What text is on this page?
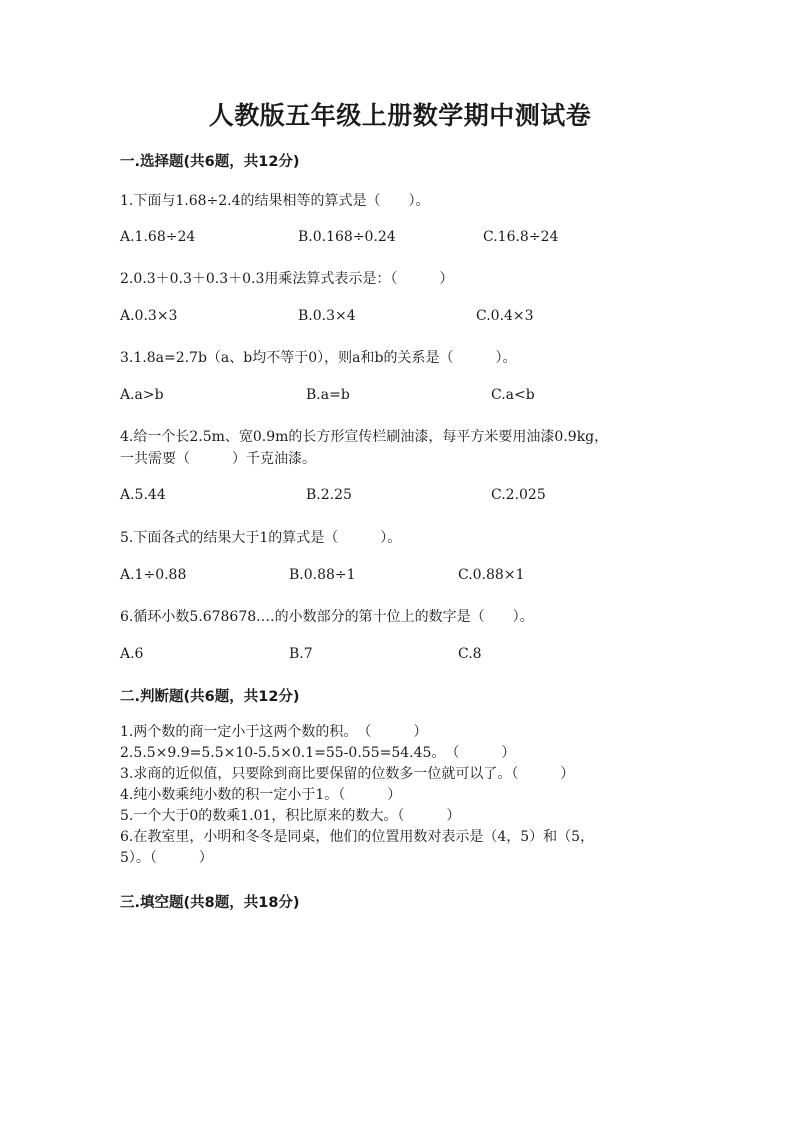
人教版五年级上册数学期中测试卷
一.选择题(共6题，共12分)
1.下面与1.68÷2.4的结果相等的算式是（　　）。
A.1.68÷24	B.0.168÷0.24	C.16.8÷24
2.0.3＋0.3＋0.3＋0.3用乘法算式表示是：（　　　）
A.0.3×3	B.0.3×4	C.0.4×3
3.1.8a=2.7b（a、b均不等于0），则a和b的关系是（　　　）。
A.a>b	B.a=b	C.a<b
4.给一个长2.5m、宽0.9m的长方形宣传栏刷油漆，每平方米要用油漆0.9kg，
一共需要（　　　）千克油漆。
A.5.44	B.2.25	C.2.025
5.下面各式的结果大于1的算式是（　　　）。
A.1÷0.88	B.0.88÷1	C.0.88×1
6.循环小数5.678678.…的小数部分的第十位上的数字是（　　）。
A.6	B.7	C.8
二.判断题(共6题，共12分)
1.两个数的商一定小于这两个数的积。　（　　　）
2.5.5×9.9=5.5×10-5.5×0.1=55-0.55=54.45。　（　　　）
3.求商的近似值，只要除到商比要保留的位数多一位就可以了。（　　　）
4.纯小数乘纯小数的积一定小于1。（　　　）
5.一个大于0的数乘1.01，积比原来的数大。（　　　）
6.在教室里，小明和冬冬是同桌，他们的位置用数对表示是（4，5）和（5，
5）。（　　　）
三.填空题(共8题，共18分)
